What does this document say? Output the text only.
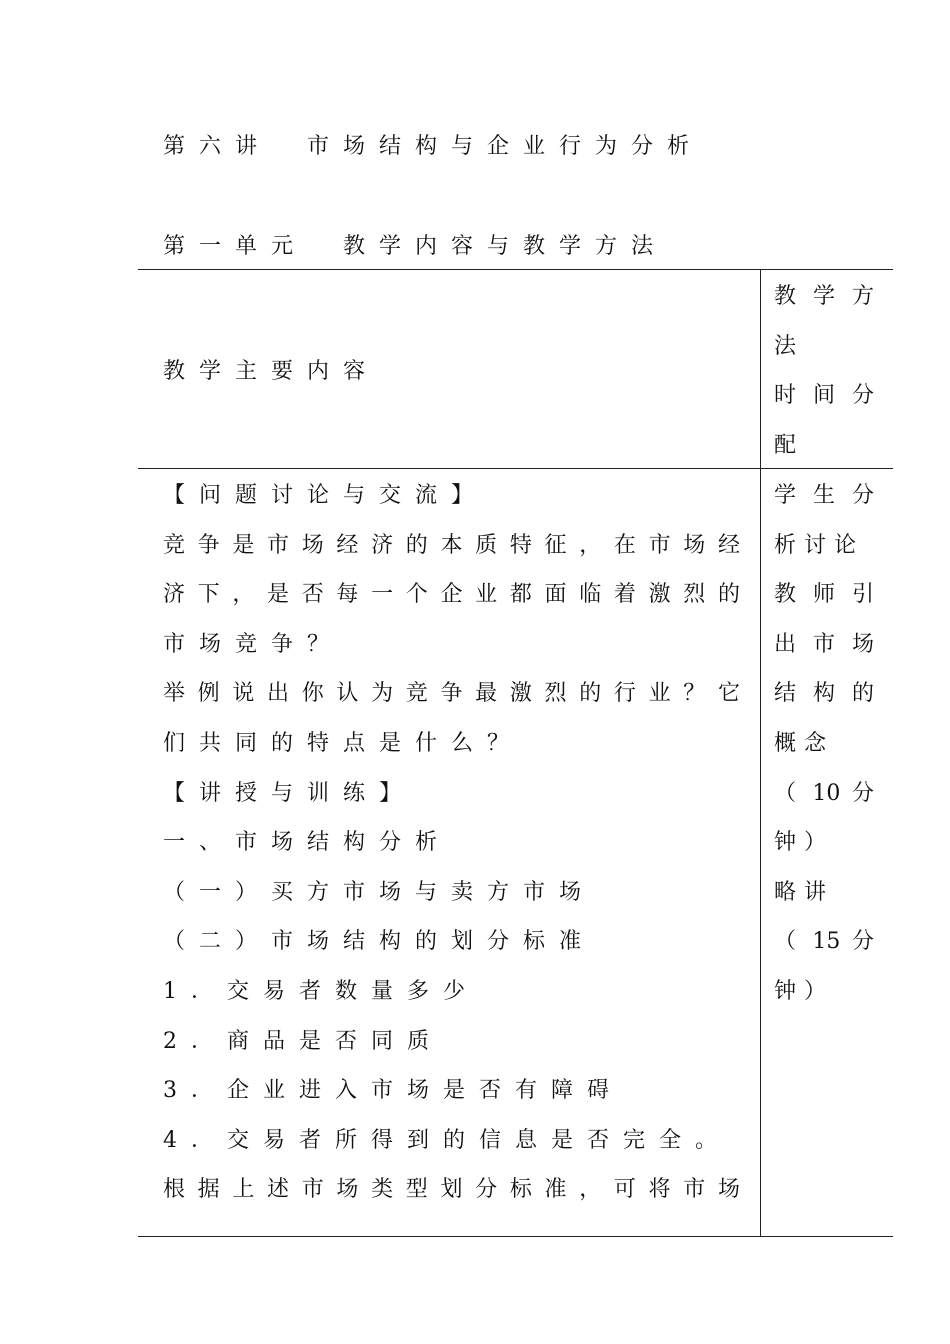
第六讲　市场结构与企业行为分析
第一单元　教学内容与教学方法
教学主要内容
教 学 方
法
时 间 分
配
【问题讨论与交流】
竞争是市场经济的本质特征，在市场经
济下，是否每一个企业都面临着激烈的
市场竞争？
举例说出你认为竞争最激烈的行业？它
们共同的特点是什么？
【讲授与训练】
一、市场结构分析
（一）买方市场与卖方市场
（二）市场结构的划分标准
1．交易者数量多少
2．商品是否同质
3．企业进入市场是否有障碍
4．交易者所得到的信息是否完全。
根据上述市场类型划分标准，可将市场
学 生 分
析讨论
教 师 引
出 市 场
结 构 的
概念
（ 10 分
钟）
略讲
（ 15 分
钟）
